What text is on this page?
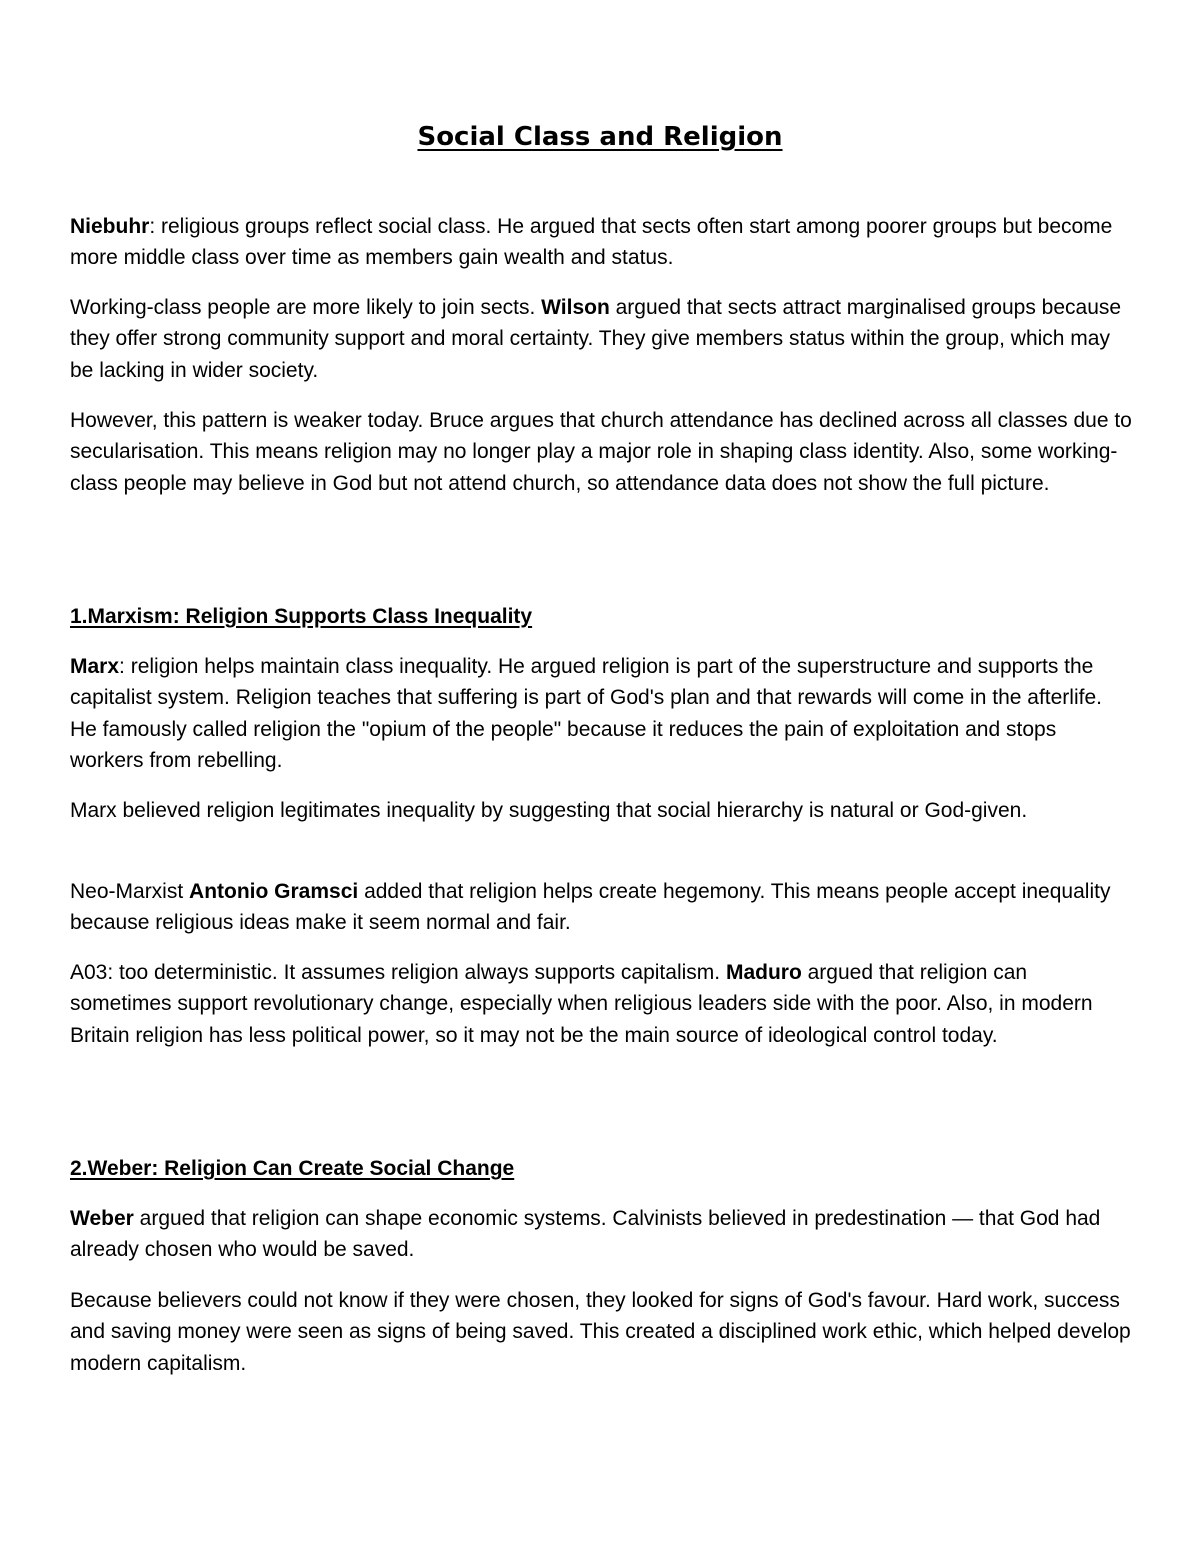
Social Class and Religion

Niebuhr: religious groups reflect social class. He argued that sects often start among poorer groups but become more middle class over time as members gain wealth and status.

Working-class people are more likely to join sects. Wilson argued that sects attract marginalised groups because they offer strong community support and moral certainty. They give members status within the group, which may be lacking in wider society.

However, this pattern is weaker today. Bruce argues that church attendance has declined across all classes due to secularisation. This means religion may no longer play a major role in shaping class identity. Also, some working-class people may believe in God but not attend church, so attendance data does not show the full picture.

1.Marxism: Religion Supports Class Inequality

Marx: religion helps maintain class inequality. He argued religion is part of the superstructure and supports the capitalist system. Religion teaches that suffering is part of God's plan and that rewards will come in the afterlife. He famously called religion the "opium of the people" because it reduces the pain of exploitation and stops workers from rebelling.

Marx believed religion legitimates inequality by suggesting that social hierarchy is natural or God-given.

Neo-Marxist Antonio Gramsci added that religion helps create hegemony. This means people accept inequality because religious ideas make it seem normal and fair.

A03: too deterministic. It assumes religion always supports capitalism. Maduro argued that religion can sometimes support revolutionary change, especially when religious leaders side with the poor. Also, in modern Britain religion has less political power, so it may not be the main source of ideological control today.

2.Weber: Religion Can Create Social Change

Weber argued that religion can shape economic systems. Calvinists believed in predestination — that God had already chosen who would be saved.

Because believers could not know if they were chosen, they looked for signs of God's favour. Hard work, success and saving money were seen as signs of being saved. This created a disciplined work ethic, which helped develop modern capitalism.
